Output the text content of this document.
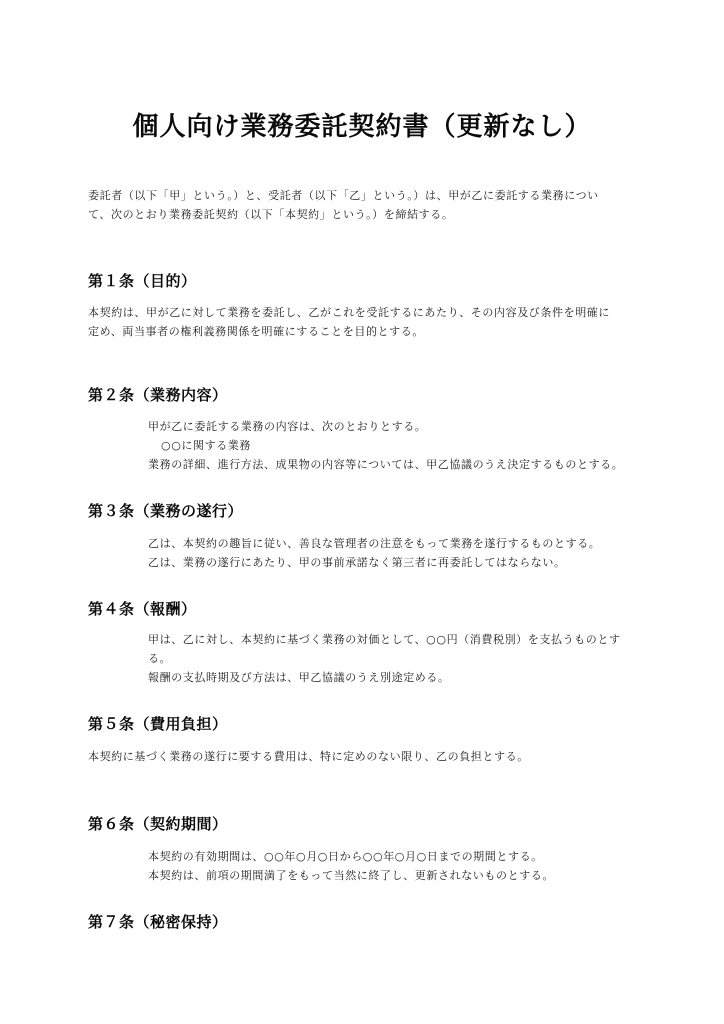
個人向け業務委託契約書（更新なし）
委託者（以下「甲」という。）と、受託者（以下「乙」という。）は、甲が乙に委託する業務につい
て、次のとおり業務委託契約（以下「本契約」という。）を締結する。
第１条（目的）
本契約は、甲が乙に対して業務を委託し、乙がこれを受託するにあたり、その内容及び条件を明確に
定め、両当事者の権利義務関係を明確にすることを目的とする。
第２条（業務内容）
甲が乙に委託する業務の内容は、次のとおりとする。
○○に関する業務
業務の詳細、進行方法、成果物の内容等については、甲乙協議のうえ決定するものとする。
第３条（業務の遂行）
乙は、本契約の趣旨に従い、善良な管理者の注意をもって業務を遂行するものとする。
乙は、業務の遂行にあたり、甲の事前承諾なく第三者に再委託してはならない。
第４条（報酬）
甲は、乙に対し、本契約に基づく業務の対価として、○○円（消費税別）を支払うものとす
る。
報酬の支払時期及び方法は、甲乙協議のうえ別途定める。
第５条（費用負担）
本契約に基づく業務の遂行に要する費用は、特に定めのない限り、乙の負担とする。
第６条（契約期間）
本契約の有効期間は、○○年○月○日から○○年○月○日までの期間とする。
本契約は、前項の期間満了をもって当然に終了し、更新されないものとする。
第７条（秘密保持）
